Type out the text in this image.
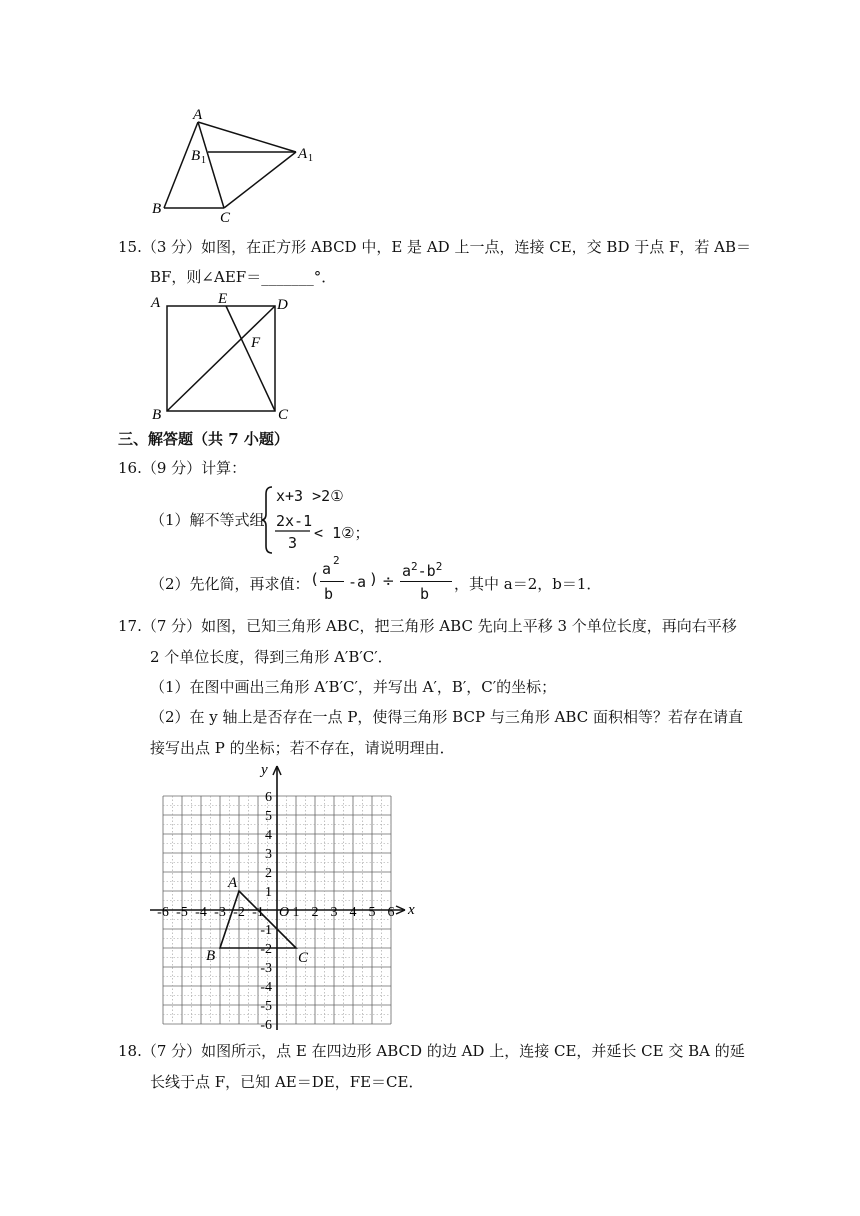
A
B 1	A 1
B
C
15.（3 分）如图，在正方形 ABCD 中，E 是 AD 上一点，连接 CE，交 BD 于点 F，若 AB＝
BF，则∠AEF＝_______°．
A	E	D
F
B	C
三、解答题（共 7 小题）
16.（9 分）计算：
（1）解不等式组
x+3 >2①
2x-1
3
< 1②；
（2）先化简，再求值： (
a 2
b
-a ) ÷
$a^2-b^2$
b
，其中 a＝2，b＝1．
17.（7 分）如图，已知三角形 ABC，把三角形 ABC 先向上平移 3 个单位长度，再向右平移
2 个单位长度，得到三角形 A′B′C′．
（1）在图中画出三角形 A′B′C′，并写出 A′，B′，C′的坐标；
（2）在 y 轴上是否存在一点 P，使得三角形 BCP 与三角形 ABC 面积相等？若存在请直
接写出点 P 的坐标；若不存在，请说明理由．
x
y
-6 -5 -4 -3 -2 -1 1 2 3 4 5 6
6
5
4
3
2
1
-1
-2
-3
-4
-5
-6
O
A
B	C
18.（7 分）如图所示，点 E 在四边形 ABCD 的边 AD 上，连接 CE，并延长 CE 交 BA 的延
长线于点 F，已知 AE＝DE，FE＝CE．
